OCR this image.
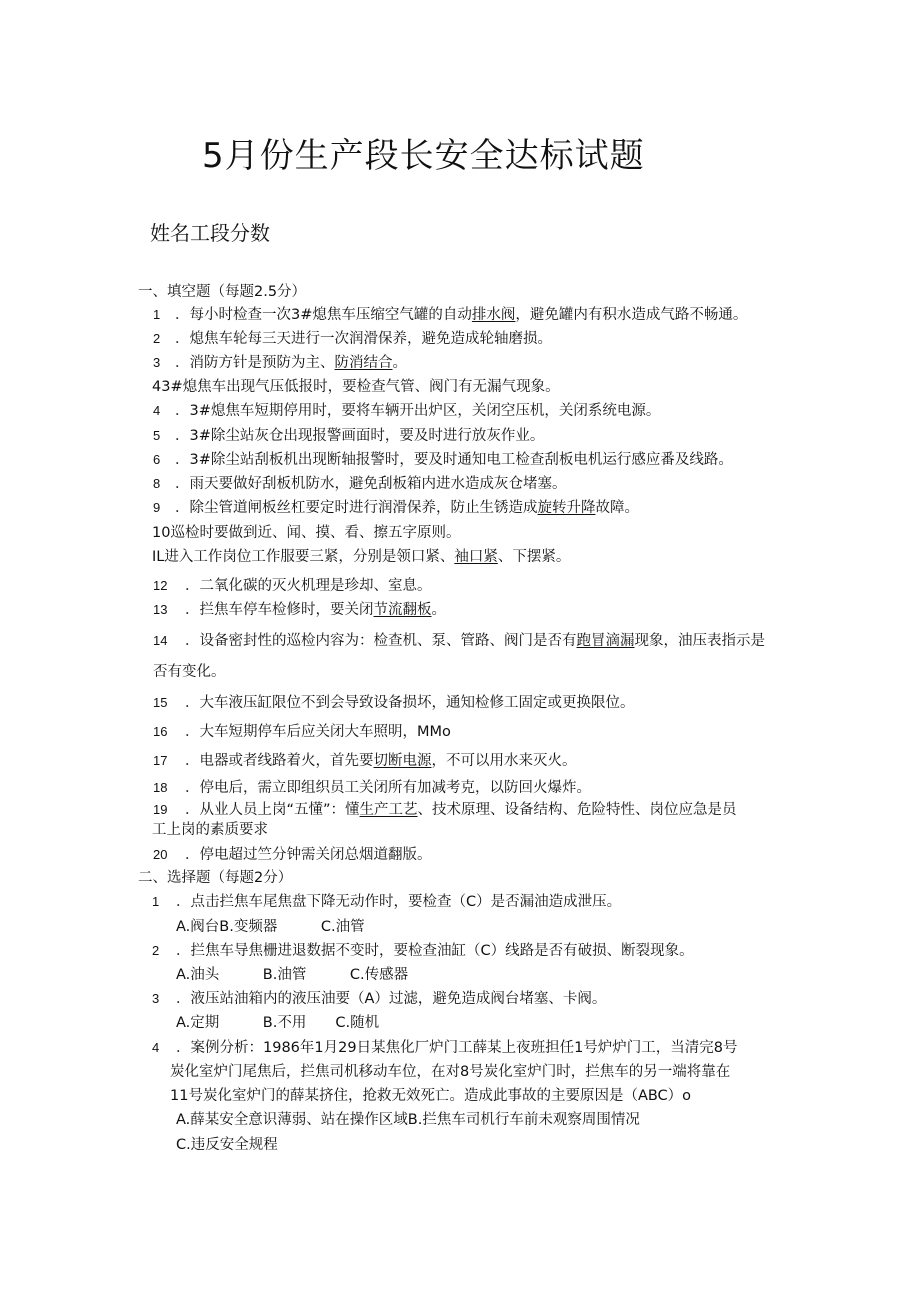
5月份生产段长安全达标试题
姓名工段分数
一、填空题（每题2.5分）
1 ．每小时检查一次3#熄焦车压缩空气罐的自动排水阀，避免罐内有积水造成气路不畅通。
2 ．熄焦车轮每三天进行一次润滑保养，避免造成轮轴磨损。
3 ．消防方针是预防为主、防消结合。
43#熄焦车出现气压低报时，要检查气管、阀门有无漏气现象。
4 ．3#熄焦车短期停用时，要将车辆开出炉区，关闭空压机，关闭系统电源。
5 ．3#除尘站灰仓出现报警画面时，要及时进行放灰作业。
6 ．3#除尘站刮板机出现断轴报警时，要及时通知电工检查刮板电机运行感应番及线路。
8 ．雨天要做好刮板机防水，避免刮板箱内进水造成灰仓堵塞。
9 ．除尘管道闸板丝杠要定时进行润滑保养，防止生锈造成旋转升降故障。
10巡检时要做到近、闻、摸、看、擦五字原则。
IL进入工作岗位工作服要三紧，分别是领口紧、袖口紧、下摆紧。
12 ．二氧化碳的灭火机理是珍却、室息。
13 ．拦焦车停车检修时，要关闭节流翻板。
14 ．设备密封性的巡检内容为：检查机、泵、管路、阀门是否有跑冒滴漏现象，油压表指示是
否有变化。
15 ．大车液压缸限位不到会导致设备损坏，通知检修工固定或更换限位。
16 ．大车短期停车后应关闭大车照明，MMo
17 ．电器或者线路着火，首先要切断电源，不可以用水来灭火。
18 ．停电后，需立即组织员工关闭所有加减考克，以防回火爆炸。
19 ．从业人员上岗“五懂”：懂生产工艺、技术原理、设备结构、危险特性、岗位应急是员
工上岗的素质要求
20 ．停电超过竺分钟需关闭总烟道翻版。
二、选择题（每题2分）
1 ．点击拦焦车尾焦盘下降无动作时，要检查（C）是否漏油造成泄压。
A.阀台B.变频器　　　C.油管
2 ．拦焦车导焦栅进退数据不变时，要检查油缸（C）线路是否有破损、断裂现象。
A.油头　　　B.油管　　　C.传感器
3 ．液压站油箱内的液压油要（A）过滤，避免造成阀台堵塞、卡阀。
A.定期　　　B.不用　　C.随机
4 ．案例分析：1986年1月29日某焦化厂炉门工薛某上夜班担任1号炉炉门工，当清完8号
炭化室炉门尾焦后，拦焦司机移动车位，在对8号炭化室炉门时，拦焦车的另一端将靠在
11号炭化室炉门的薛某挤住，抢救无效死亡。造成此事故的主要原因是（ABC）o
A.薛某安全意识薄弱、站在操作区域B.拦焦车司机行车前未观察周围情况
C.违反安全规程
